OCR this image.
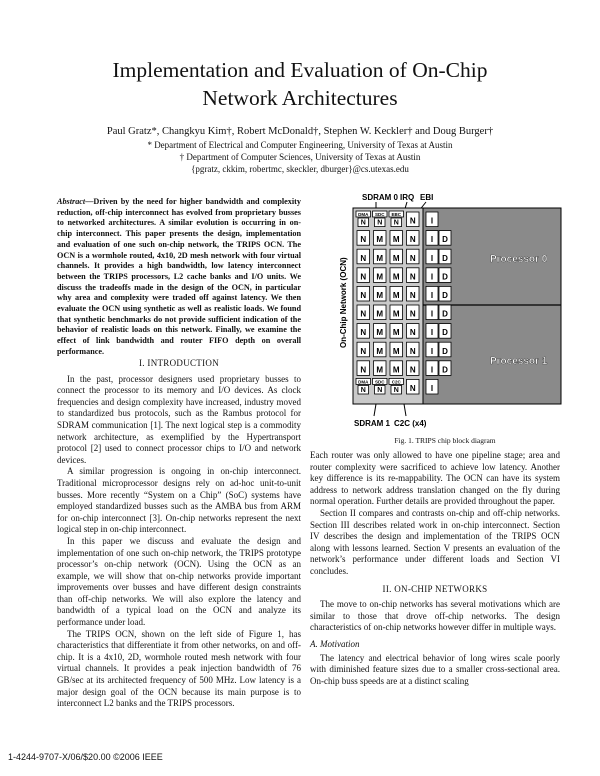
Implementation and Evaluation of On-Chip
Network Architectures
Paul Gratz*, Changkyu Kim†, Robert McDonald†, Stephen W. Keckler† and Doug Burger†
* Department of Electrical and Computer Engineering, University of Texas at Austin
† Department of Computer Sciences, University of Texas at Austin
{pgratz, ckkim, robertmc, skeckler, dburger}@cs.utexas.edu
Abstract—Driven by the need for higher bandwidth and complexity reduction, off-chip interconnect has evolved from proprietary busses to networked architectures. A similar evolution is occurring in on-chip interconnect. This paper presents the design, implementation and evaluation of one such on-chip network, the TRIPS OCN. The OCN is a wormhole routed, 4x10, 2D mesh network with four virtual channels. It provides a high bandwidth, low latency interconnect between the TRIPS processors, L2 cache banks and I/O units. We discuss the tradeoffs made in the design of the OCN, in particular why area and complexity were traded off against latency. We then evaluate the OCN using synthetic as well as realistic loads. We found that synthetic benchmarks do not provide sufficient indication of the behavior of realistic loads on this network. Finally, we examine the effect of link bandwidth and router FIFO depth on overall performance.
I. INTRODUCTION

In the past, processor designers used proprietary busses to connect the processor to its memory and I/O devices. As clock frequencies and design complexity have increased, industry moved to standardized bus protocols, such as the Rambus protocol for SDRAM communication [1]. The next logical step is a commodity network architecture, as exemplified by the Hypertransport protocol [2] used to connect processor chips to I/O and network devices.

A similar progression is ongoing in on-chip interconnect. Traditional microprocessor designs rely on ad-hoc unit-to-unit busses. More recently “System on a Chip” (SoC) systems have employed standardized busses such as the AMBA bus from ARM for on-chip interconnect [3]. On-chip networks represent the next logical step in on-chip interconnect.

In this paper we discuss and evaluate the design and implementation of one such on-chip network, the TRIPS prototype processor’s on-chip network (OCN). Using the OCN as an example, we will show that on-chip networks provide important improvements over busses and have different design constraints than off-chip networks. We will also explore the latency and bandwidth of a typical load on the OCN and analyze its performance under load.

The TRIPS OCN, shown on the left side of Figure 1, has characteristics that differentiate it from other networks, on and off-chip. It is a 4x10, 2D, wormhole routed mesh network with four virtual channels. It provides a peak injection bandwidth of 76 GB/sec at its architected frequency of 500 MHz. Low latency is a major design goal of the OCN because its main purpose is to interconnect L2 banks and the TRIPS processors.

SDRAM 0 IRQ EBI
On-Chip Network (OCN)	Processor 0
Processor 1
DMA
N
SDC
N
EBC
N N I
N M M N I D
N M M N I D
N M M N I D
N M M N I D
N M M N I D
N M M N I D
N M M N I D
N M M N I D
DMA
N
SDC
N
C2C
N N I
SDRAM 1 C2C (x4)
Fig. 1. TRIPS chip block diagram

Each router was only allowed to have one pipeline stage; area and router complexity were sacrificed to achieve low latency. Another key difference is its re-mappability. The OCN can have its system address to network address translation changed on the fly during normal operation. Further details are provided throughout the paper.

Section II compares and contrasts on-chip and off-chip networks. Section III describes related work in on-chip interconnect. Section IV describes the design and implementation of the TRIPS OCN along with lessons learned. Section V presents an evaluation of the network’s performance under different loads and Section VI concludes.

II. ON-CHIP NETWORKS

The move to on-chip networks has several motivations which are similar to those that drove off-chip networks. The design characteristics of on-chip networks however differ in multiple ways.

A. Motivation

The latency and electrical behavior of long wires scale poorly with diminished feature sizes due to a smaller cross-sectional area. On-chip buss speeds are at a distinct scaling

1-4244-9707-X/06/$20.00 ©2006 IEEE
